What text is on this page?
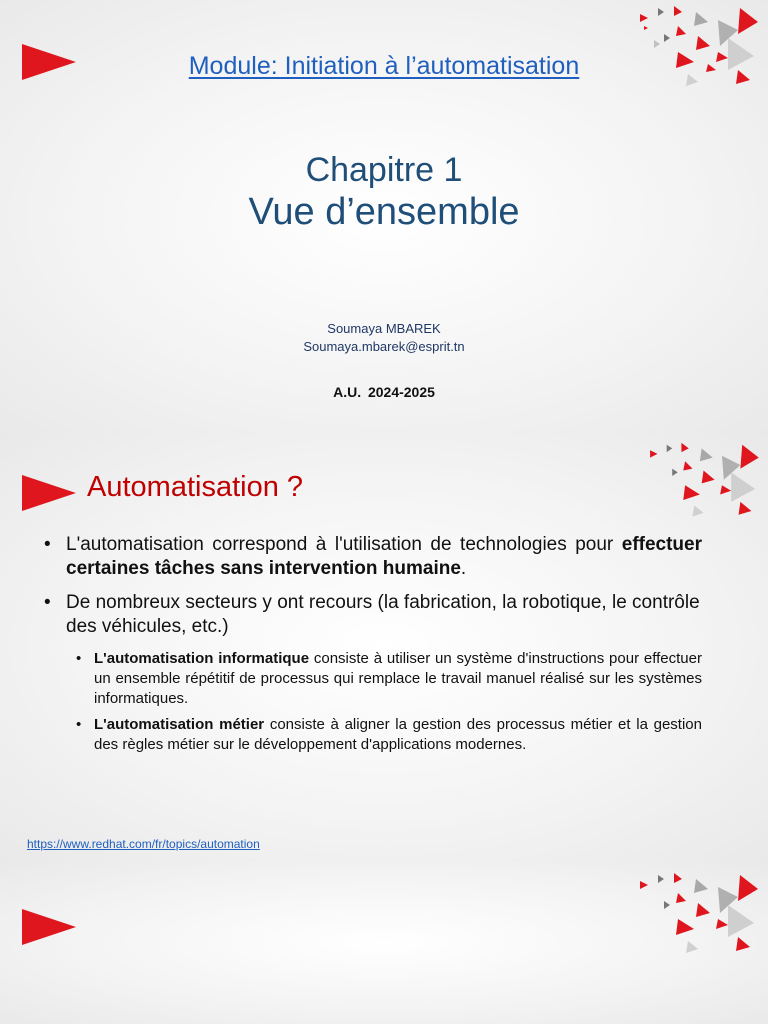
Module: Initiation à l’automatisation
Chapitre 1
Vue d’ensemble
Soumaya MBAREK
Soumaya.mbarek@esprit.tn
A.U. 2024-2025
Automatisation ?
• L'automatisation correspond à l'utilisation de technologies pour effectuer certaines tâches sans intervention humaine.
• De nombreux secteurs y ont recours (la fabrication, la robotique, le contrôle des véhicules, etc.)
• L'automatisation informatique consiste à utiliser un système d'instructions pour effectuer un ensemble répétitif de processus qui remplace le travail manuel réalisé sur les systèmes informatiques.
• L'automatisation métier consiste à aligner la gestion des processus métier et la gestion des règles métier sur le développement d'applications modernes.
https://www.redhat.com/fr/topics/automation
